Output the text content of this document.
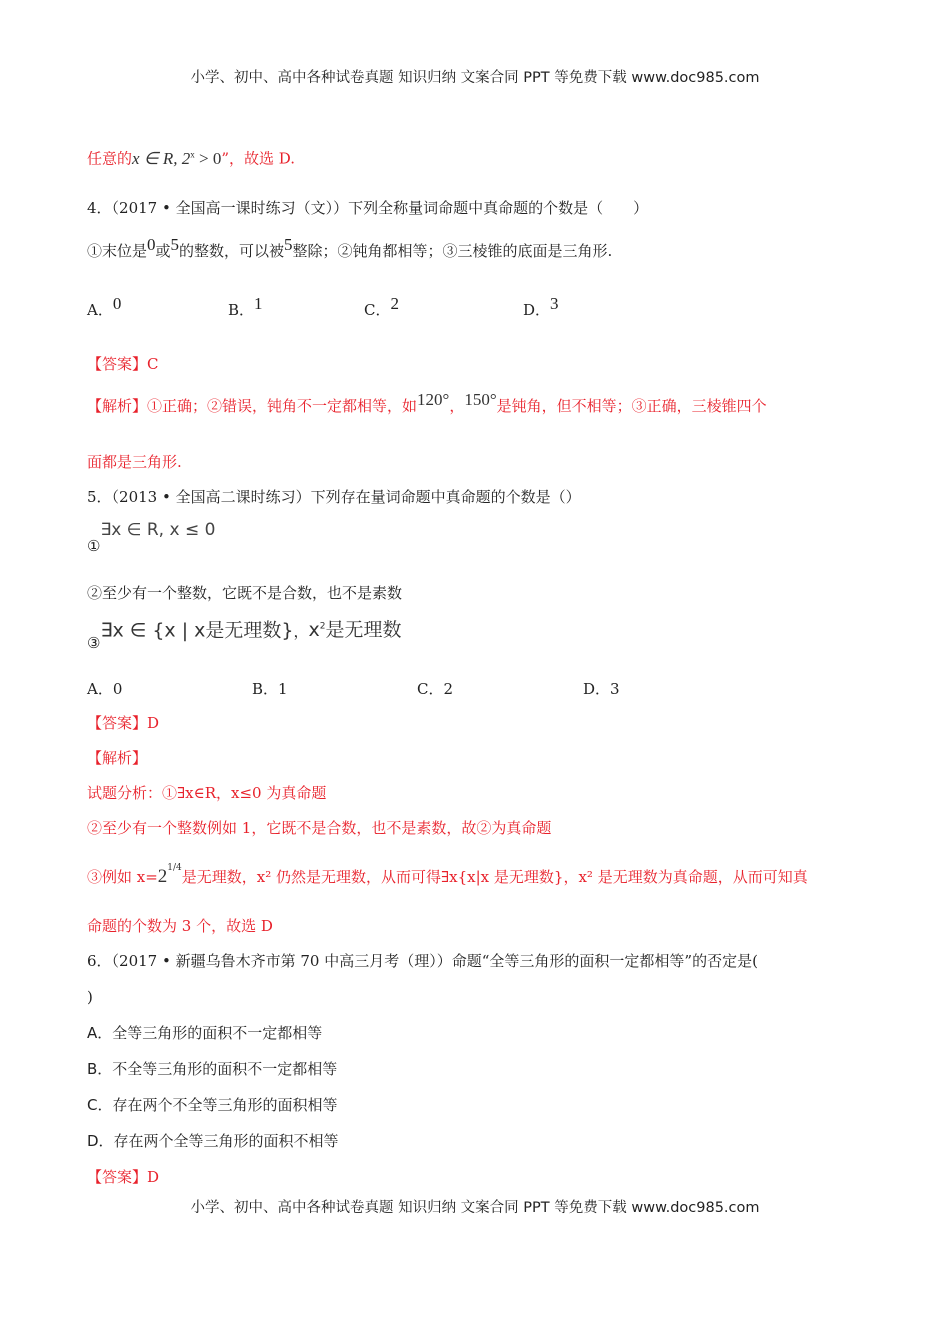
小学、初中、高中各种试卷真题 知识归纳 文案合同 PPT 等免费下载 www.doc985.com
任意的x ∈ R, $2^x > 0$”，故选 D.
4．（2017 • 全国高一课时练习（文））下列全称量词命题中真命题的个数是（　　）
①末位是$^0$或$^5$的整数，可以被$^5$整除；②钝角都相等；③三棱锥的底面是三角形.
A．$^0$	B．$^1$	C．$^2$	D．$^3$
【答案】C
【解析】①正确；②错误，钝角不一定都相等，如$^{120^\circ}$，$^{150^\circ}$是钝角，但不相等；③正确，三棱锥四个
面都是三角形.
5．（2013 • 全国高二课时练习）下列存在量词命题中真命题的个数是（）
①∃x ∈ R, x ≤ 0
②至少有一个整数，它既不是合数，也不是素数
③∃x ∈ {x | x是无理数}，$x^2$是无理数
A．0	B．1	C．2	D．3
【答案】D
【解析】
试题分析：①∃x∈R，x≤0 为真命题
②至少有一个整数例如 1，它既不是合数，也不是素数，故②为真命题
③例如 $x=2^{1/4}$是无理数，x² 仍然是无理数，从而可得∃x{x|x 是无理数}，x² 是无理数为真命题，从而可知真
命题的个数为 3 个，故选 D
6．（2017 • 新疆乌鲁木齐市第 70 中高三月考（理））命题“全等三角形的面积一定都相等”的否定是(
)
A．全等三角形的面积不一定都相等
B．不全等三角形的面积不一定都相等
C．存在两个不全等三角形的面积相等
D．存在两个全等三角形的面积不相等
【答案】D
小学、初中、高中各种试卷真题 知识归纳 文案合同 PPT 等免费下载 www.doc985.com
